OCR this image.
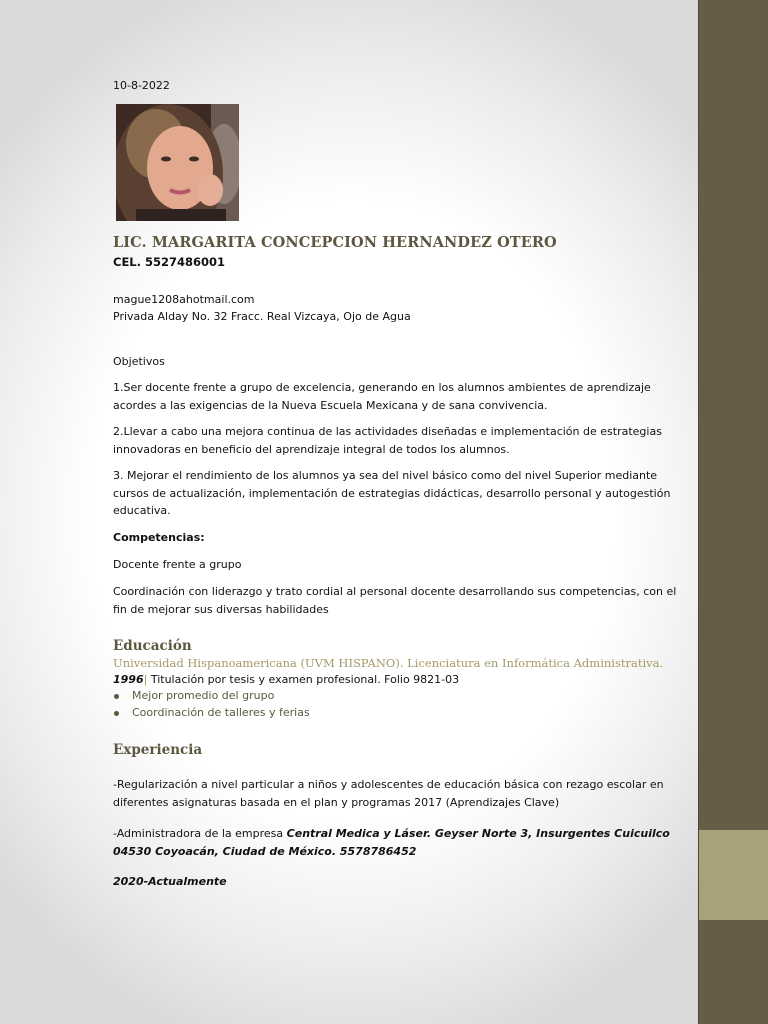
10-8-2022
LIC. MARGARITA CONCEPCION HERNANDEZ OTERO
CEL. 5527486001
mague1208ahotmail.com
Privada Alday No. 32 Fracc. Real Vizcaya, Ojo de Agua
Objetivos
1.Ser docente frente a grupo de excelencia, generando en los alumnos ambientes de aprendizaje acordes a las exigencias de la Nueva Escuela Mexicana y de sana convivencia.
2.Llevar a cabo una mejora continua de las actividades diseñadas e implementación de estrategias innovadoras en beneficio del aprendizaje integral de todos los alumnos.
3. Mejorar el rendimiento de los alumnos ya sea del nivel básico como del nivel Superior mediante cursos de actualización, implementación de estrategias didácticas, desarrollo personal y autogestión educativa.
Competencias:
Docente frente a grupo
Coordinación con liderazgo y trato cordial al personal docente desarrollando sus competencias, con el fin de mejorar sus diversas habilidades
Educación
Universidad Hispanoamericana (UVM HISPANO). Licenciatura en Informática Administrativa.
1996| Titulación por tesis y examen profesional. Folio 9821-03
Mejor promedio del grupo
Coordinación de talleres y ferias
Experiencia
-Regularización a nivel particular a niños y adolescentes de educación básica con rezago escolar en diferentes asignaturas basada en el plan y programas 2017 (Aprendizajes Clave)
-Administradora de la empresa Central Medica y Láser. Geyser Norte 3, Insurgentes Cuicuilco 04530 Coyoacán, Ciudad de México. 5578786452
2020-Actualmente
